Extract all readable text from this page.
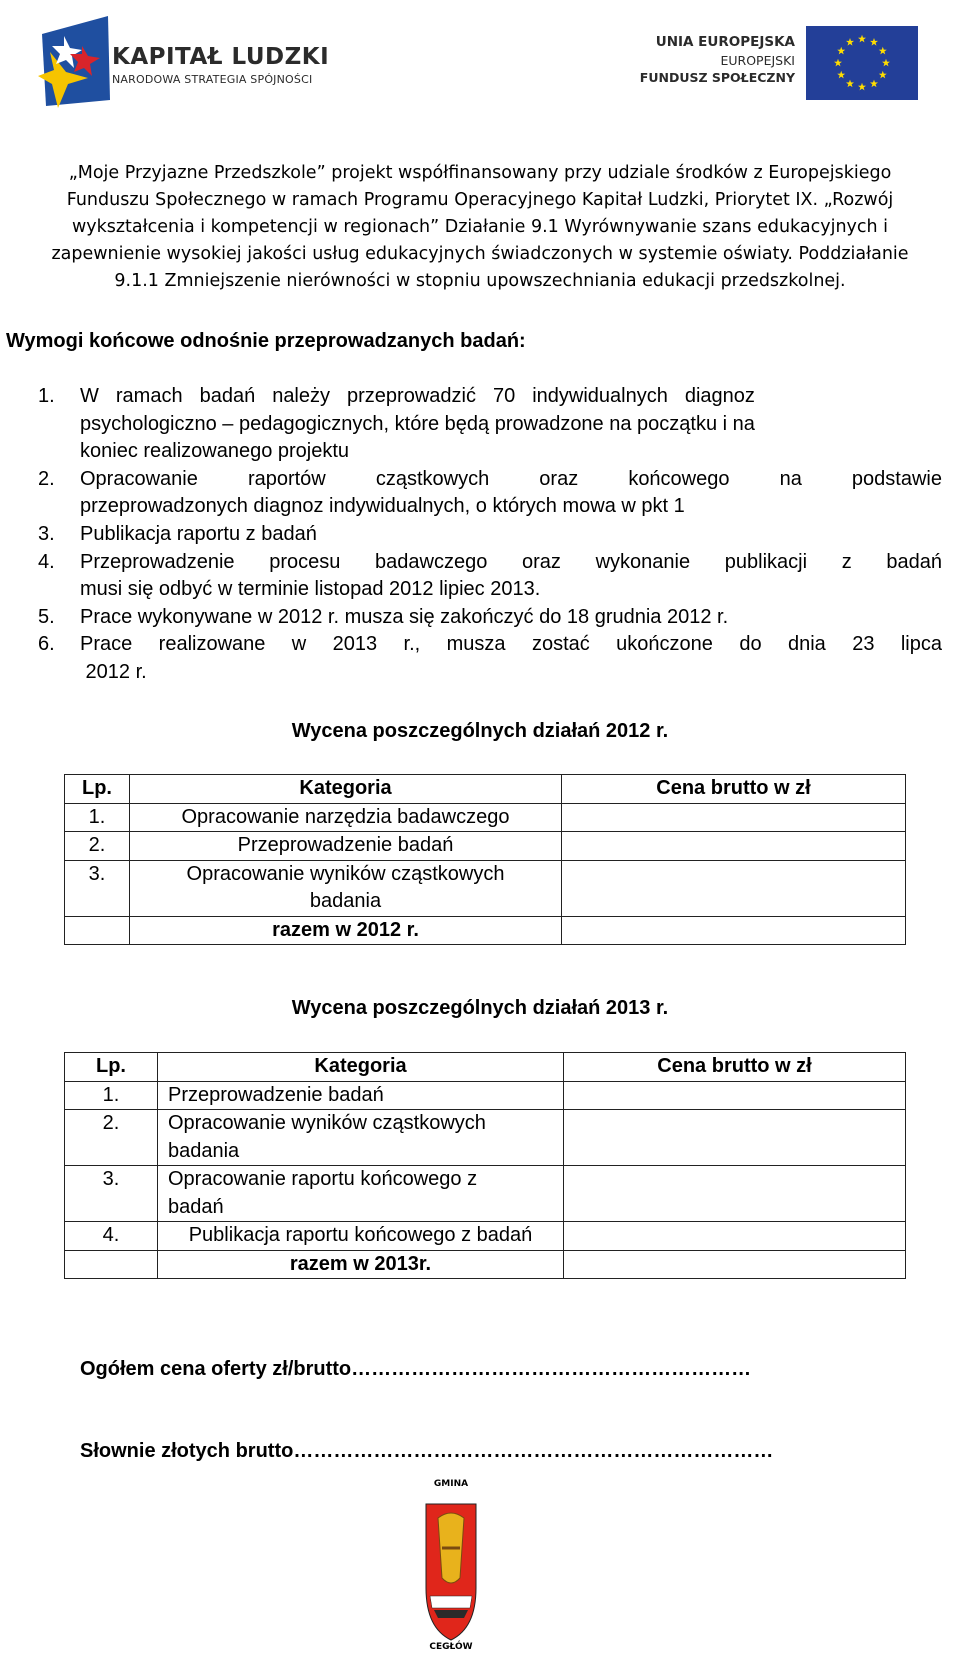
KAPITAŁ LUDZKI
NARODOWA STRATEGIA SPÓJNOŚCI
UNIA EUROPEJSKA
EUROPEJSKI
FUNDUSZ SPOŁECZNY

„Moje Przyjazne Przedszkole” projekt współfinansowany przy udziale środków z Europejskiego

Funduszu Społecznego w ramach Programu Operacyjnego Kapitał Ludzki, Priorytet IX. „Rozwój

wykształcenia i kompetencji w regionach” Działanie 9.1 Wyrównywanie szans edukacyjnych i

zapewnienie wysokiej jakości usług edukacyjnych świadczonych w systemie oświaty. Poddziałanie

9.1.1 Zmniejszenie nierówności w stopniu upowszechniania edukacji przedszkolnej.

Wymogi końcowe odnośnie przeprowadzanych badań:
1.	W ramach badań należy przeprowadzić 70 indywidualnych diagnoz
psychologiczno – pedagogicznych, które będą prowadzone na początku i na
koniec realizowanego projektu
2.	Opracowanie raportów cząstkowych oraz końcowego na podstawie
przeprowadzonych diagnoz indywidualnych, o których mowa w pkt 1
3.	Publikacja raportu z badań
4.	Przeprowadzenie procesu badawczego oraz wykonanie publikacji z badań
musi się odbyć w terminie listopad 2012 lipiec 2013.
5.	Prace wykonywane w 2012 r. musza się zakończyć do 18 grudnia 2012 r.
6.	Prace realizowane w 2013 r., musza zostać ukończone do dnia 23 lipca
2012 r.
Wycena poszczególnych działań 2012 r.
Lp.	Kategoria	Cena brutto w zł
1.	Opracowanie narzędzia badawczego	
2.	Przeprowadzenie badań	
3.	Opracowanie wyników cząstkowych badania	
	razem w 2012 r.	
Wycena poszczególnych działań 2013 r.
Lp.	Kategoria	Cena brutto w zł
1.	Przeprowadzenie badań	
2.	Opracowanie wyników cząstkowych badania	
3.	Opracowanie raportu końcowego z badań	
4.	Publikacja raportu końcowego z badań	
	razem w 2013r.	
Ogółem cena oferty zł/brutto……………………………………………………
Słownie złotych brutto………………………………………………………………
GMINA
CEGŁÓW
